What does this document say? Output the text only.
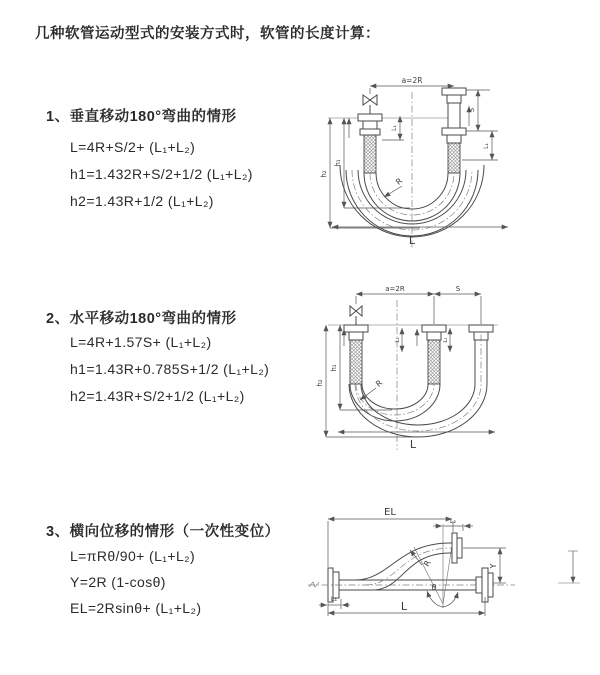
几种软管运动型式的安装方式时，软管的长度计算：
1、垂直移动180°弯曲的情形
L=4R+S/2+ (L₁+L₂)
h1=1.432R+S/2+1/2 (L₁+L₂)
h2=1.43R+1/2 (L₁+L₂)
a=2R
L₁
S
L₁
h₁
h₂
R
L
2、水平移动180°弯曲的情形
L=4R+1.57S+ (L₁+L₂)
h1=1.43R+0.785S+1/2 (L₁+L₂)
h2=1.43R+S/2+1/2 (L₁+L₂)
a=2R	S
L₁	L₁
h₁
h₂	R
L
3、横向位移的情形（一次性变位）
L=πRθ/90+ (L₁+L₂)
Y=2R (1-cosθ)
EL=2Rsinθ+ (L₁+L₂)
EL
L₂
θ
R	Y
L₁
L
